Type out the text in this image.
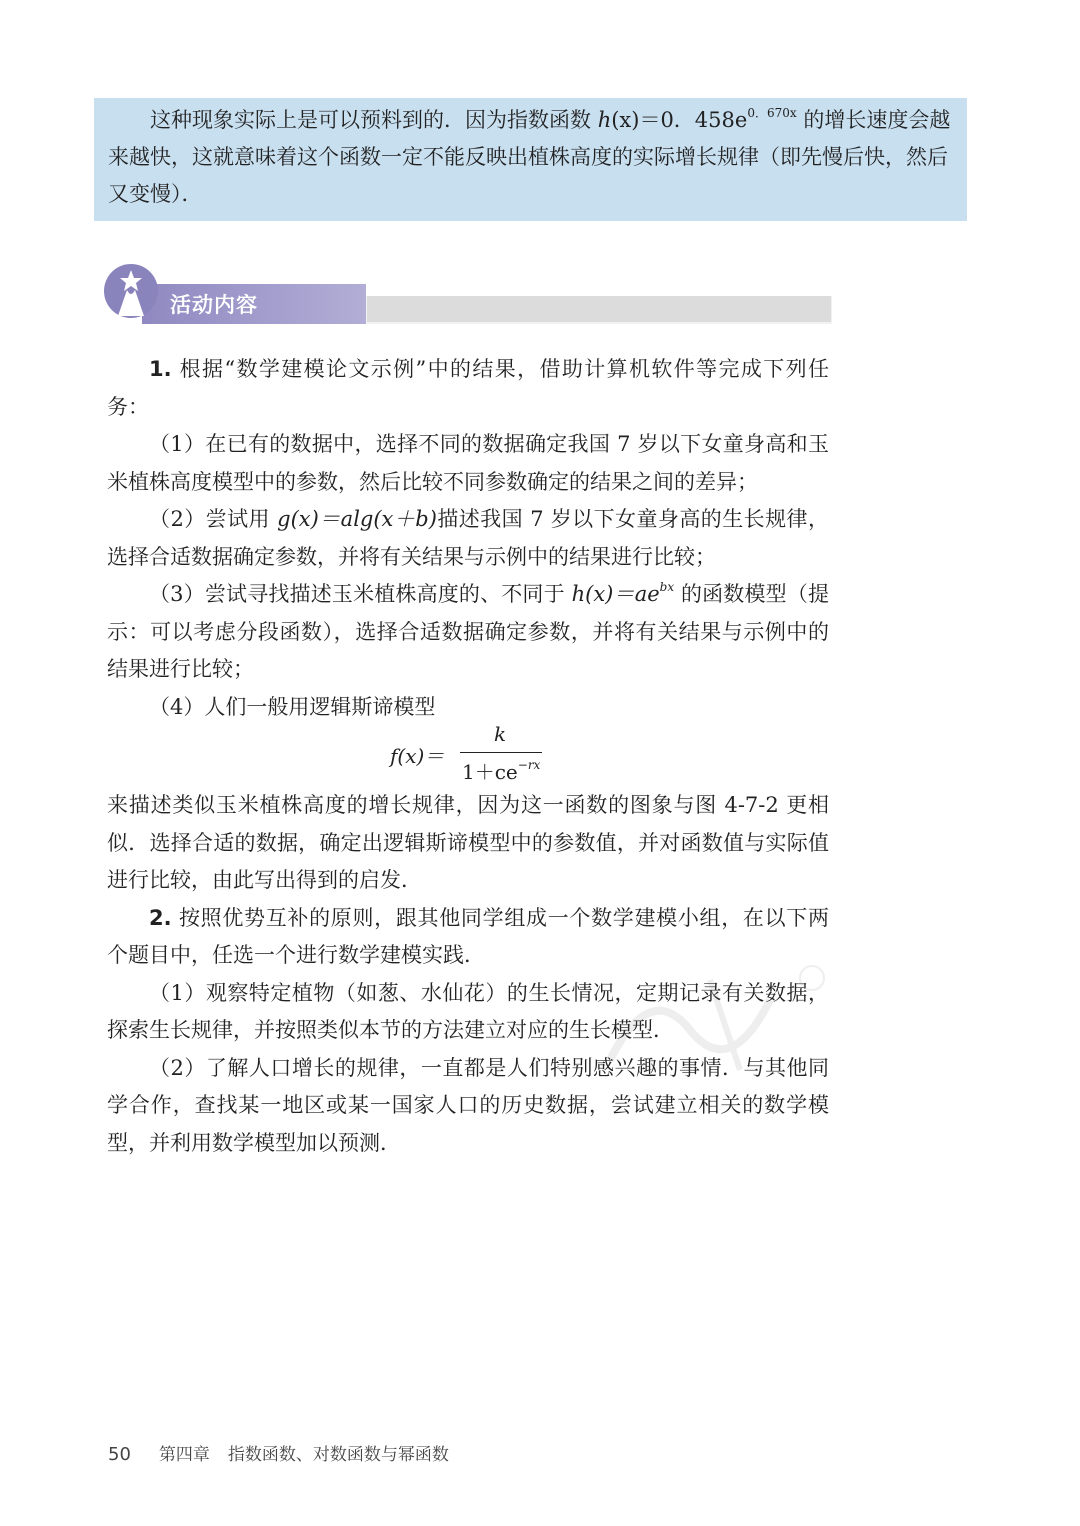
这种现象实际上是可以预料到的．因为指数函数 h(x)＝0．$458e^{0.670x}$ 的增长速度会越来越快，这就意味着这个函数一定不能反映出植株高度的实际增长规律（即先慢后快，然后又变慢）．

活动内容

1. 根据“数学建模论文示例”中的结果，借助计算机软件等完成下列任务：

（1）在已有的数据中，选择不同的数据确定我国 7 岁以下女童身高和玉米植株高度模型中的参数，然后比较不同参数确定的结果之间的差异；

（2）尝试用 g(x)＝alg(x＋b)描述我国 7 岁以下女童身高的生长规律，选择合适数据确定参数，并将有关结果与示例中的结果进行比较；

（3）尝试寻找描述玉米植株高度的、不同于 $h(x)=ae^{bx}$ 的函数模型（提示：可以考虑分段函数），选择合适数据确定参数，并将有关结果与示例中的结果进行比较；

（4）人们一般用逻辑斯谛模型

f(x)＝
k
$1+ce^{-rx}$

来描述类似玉米植株高度的增长规律，因为这一函数的图象与图 4-7-2 更相似．选择合适的数据，确定出逻辑斯谛模型中的参数值，并对函数值与实际值进行比较，由此写出得到的启发．

2. 按照优势互补的原则，跟其他同学组成一个数学建模小组，在以下两个题目中，任选一个进行数学建模实践．

（1）观察特定植物（如葱、水仙花）的生长情况，定期记录有关数据，探索生长规律，并按照类似本节的方法建立对应的生长模型．

（2）了解人口增长的规律，一直都是人们特别感兴趣的事情．与其他同学合作，查找某一地区或某一国家人口的历史数据，尝试建立相关的数学模型，并利用数学模型加以预测．

50 第四章 指数函数、对数函数与幂函数
